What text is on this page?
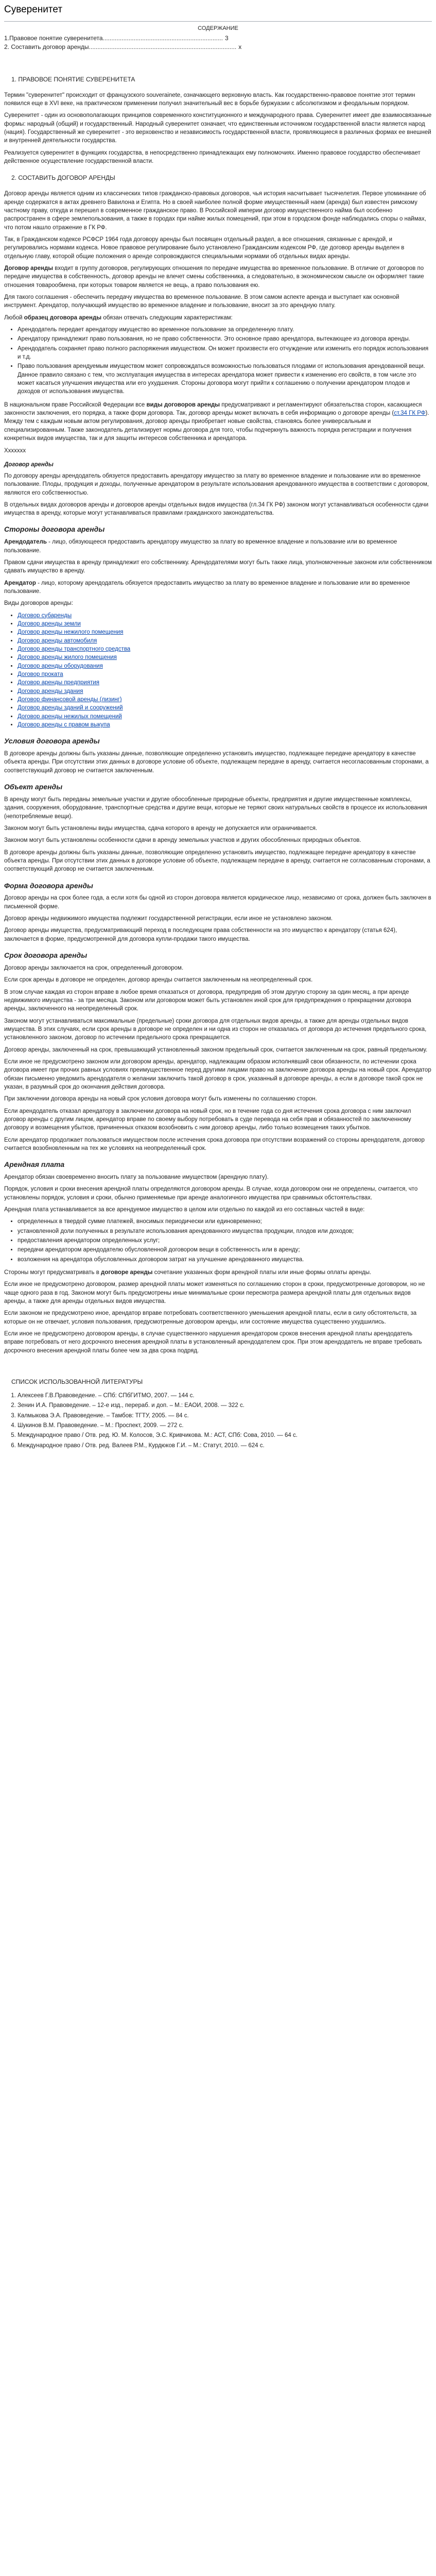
Суверенитет
СОДЕРЖАНИЕ
1.Правовое понятие суверенитета ...................................................................... 3
2. Составить договор аренды ...................................................................................... х
1. ПРАВОВОЕ ПОНЯТИЕ СУВЕРЕНИТЕТА

Термин "суверенитет" происходит от французского souverainete, означающего верховную власть. Как государственно-правовое понятие этот термин появился еще в XVI веке, на практическом применении получил значительный вес в борьбе буржуазии с абсолютизмом и феодальным порядком.

Суверенитет - один из основополагающих принципов современного конституционного и международного права. Суверенитет имеет две взаимосвязанные формы: народный (общий) и государственный. Народный суверенитет означает, что единственным источником государственной власти является народ (нация). Государственный же суверенитет - это верховенство и независимость государственной власти, проявляющиеся в различных формах ее внешней и внутренней деятельности государства.

Реализуется суверенитет в функциях государства, в непосредственно принадлежащих ему полномочиях. Именно правовое государство обеспечивает действенное осуществление государственной власти.

2. СОСТАВИТЬ ДОГОВОР АРЕНДЫ

Договор аренды является одним из классических типов гражданско-правовых договоров, чья история насчитывает тысячелетия. Первое упоминание об аренде содержатся в актах древнего Вавилона и Египта. Но в своей наиболее полной форме имущественный наем (аренда) был известен римскому частному праву, откуда и перешел в современное гражданское право. В Российской империи договор имущественного найма был особенно распространен в сфере землепользования, а также в городах при найме жилых помещений, при этом в городском фонде наблюдались споры о наймах, что потом нашло отражение в ГК РФ.

Так, в Гражданском кодексе РСФСР 1964 года договору аренды был посвящен отдельный раздел, а все отношения, связанные с арендой, и регулировались нормами кодекса. Новое правовое регулирование было установлено Гражданским кодексом РФ, где договор аренды выделен в отдельную главу, которой общие положения о аренде сопровождаются специальными нормами об отдельных видах аренды.

Договор аренды входит в группу договоров, регулирующих отношения по передаче имущества во временное пользование. В отличие от договоров по передаче имущества в собственность, договор аренды не влечет смены собственника, а следовательно, в экономическом смысле он оформляет такие отношения товарообмена, при которых товаром является не вещь, а право пользования ею.

Для такого соглашения - обеспечить передачу имущества во временное пользование. В этом самом аспекте аренда и выступает как основной инструмент. Арендатор, получающий имущество во временное владение и пользование, вносит за это арендную плату.

Любой образец договора аренды обязан отвечать следующим характеристикам:

• Арендодатель передает арендатору имущество во временное пользование за определенную плату.
• Арендатору принадлежит право пользования, но не право собственности. Это основное право арендатора, вытекающее из договора аренды.
• Арендодатель сохраняет право полного распоряжения имуществом. Он может произвести его отчуждение или изменить его порядок использования и т.д.
• Право пользования арендуемым имуществом может сопровождаться возможностью пользоваться плодами от использования арендованной вещи. Данное правило связано с тем, что эксплуатация имущества в интересах арендатора может привести к изменению его свойств, в том числе это может касаться улучшения имущества или его ухудшения. Стороны договора могут прийти к соглашению о получении арендатором плодов и доходов от использования имущества.

В национальном праве Российской Федерации все виды договоров аренды предусматривают и регламентируют обязательства сторон, касающиеся законности заключения, его порядка, а также форм договора. Так, договор аренды может включать в себя информацию о договоре аренды (ст.34 ГК РФ). Между тем с каждым новым актом регулирования, договор аренды приобретает новые свойства, становясь более универсальным и специализированным. Также законодатель детализирует нормы договора для того, чтобы подчеркнуть важность порядка регистрации и получения конкретных видов имущества, так и для защиты интересов собственника и арендатора.

Ххххххх
Договор аренды

По договору аренды арендодатель обязуется предоставить арендатору имущество за плату во временное владение и пользование или во временное пользование. Плоды, продукция и доходы, полученные арендатором в результате использования арендованного имущества в соответствии с договором, являются его собственностью.

В отдельных видах договоров аренды и договоров аренды отдельных видов имущества (гл.34 ГК РФ) законом могут устанавливаться особенности сдачи имущества в аренду, которые могут устанавливаться правилами гражданского законодательства.

Стороны договора аренды

Арендодатель - лицо, обязующееся предоставить арендатору имущество за плату во временное владение и пользование или во временное пользование.

Правом сдачи имущества в аренду принадлежит его собственнику. Арендодателями могут быть также лица, уполномоченные законом или собственником сдавать имущество в аренду.

Арендатор - лицо, которому арендодатель обязуется предоставить имущество за плату во временное владение и пользование или во временное пользование.

Виды договоров аренды:

• Договор субаренды
• Договор аренды земли
• Договор аренды нежилого помещения
• Договор аренды автомобиля
• Договор аренды транспортного средства
• Договор аренды жилого помещения
• Договор аренды оборудования
• Договор проката
• Договор аренды предприятия
• Договор аренды здания
• Договор финансовой аренды (лизинг)
• Договор аренды зданий и сооружений
• Договор аренды нежилых помещений
• Договор аренды с правом выкупа
Условия договора аренды

В договоре аренды должны быть указаны данные, позволяющие определенно установить имущество, подлежащее передаче арендатору в качестве объекта аренды. При отсутствии этих данных в договоре условие об объекте, подлежащем передаче в аренду, считается несогласованным сторонами, а соответствующий договор не считается заключенным.

Объект аренды

В аренду могут быть переданы земельные участки и другие обособленные природные объекты, предприятия и другие имущественные комплексы, здания, сооружения, оборудование, транспортные средства и другие вещи, которые не теряют своих натуральных свойств в процессе их использования (непотребляемые вещи).

Законом могут быть установлены виды имущества, сдача которого в аренду не допускается или ограничивается.

Законом могут быть установлены особенности сдачи в аренду земельных участков и других обособленных природных объектов.

В договоре аренды должны быть указаны данные, позволяющие определенно установить имущество, подлежащее передаче арендатору в качестве объекта аренды. При отсутствии этих данных в договоре условие об объекте, подлежащем передаче в аренду, считается не согласованным сторонами, а соответствующий договор не считается заключенным.

Форма договора аренды

Договор аренды на срок более года, а если хотя бы одной из сторон договора является юридическое лицо, независимо от срока, должен быть заключен в письменной форме.

Договор аренды недвижимого имущества подлежит государственной регистрации, если иное не установлено законом.

Договор аренды имущества, предусматривающий переход в последующем права собственности на это имущество к арендатору (статья 624), заключается в форме, предусмотренной для договора купли-продажи такого имущества.

Срок договора аренды

Договор аренды заключается на срок, определенный договором.

Если срок аренды в договоре не определен, договор аренды считается заключенным на неопределенный срок.

В этом случае каждая из сторон вправе в любое время отказаться от договора, предупредив об этом другую сторону за один месяц, а при аренде недвижимого имущества - за три месяца. Законом или договором может быть установлен иной срок для предупреждения о прекращении договора аренды, заключенного на неопределенный срок.

Законом могут устанавливаться максимальные (предельные) сроки договора для отдельных видов аренды, а также для аренды отдельных видов имущества. В этих случаях, если срок аренды в договоре не определен и ни одна из сторон не отказалась от договора до истечения предельного срока, установленного законом, договор по истечении предельного срока прекращается.

Договор аренды, заключенный на срок, превышающий установленный законом предельный срок, считается заключенным на срок, равный предельному.

Если иное не предусмотрено законом или договором аренды, арендатор, надлежащим образом исполнявший свои обязанности, по истечении срока договора имеет при прочих равных условиях преимущественное перед другими лицами право на заключение договора аренды на новый срок. Арендатор обязан письменно уведомить арендодателя о желании заключить такой договор в срок, указанный в договоре аренды, а если в договоре такой срок не указан, в разумный срок до окончания действия договора.

При заключении договора аренды на новый срок условия договора могут быть изменены по соглашению сторон.

Если арендодатель отказал арендатору в заключении договора на новый срок, но в течение года со дня истечения срока договора с ним заключил договор аренды с другим лицом, арендатор вправе по своему выбору потребовать в суде перевода на себя прав и обязанностей по заключенному договору и возмещения убытков, причиненных отказом возобновить с ним договор аренды, либо только возмещения таких убытков.

Если арендатор продолжает пользоваться имуществом после истечения срока договора при отсутствии возражений со стороны арендодателя, договор считается возобновленным на тех же условиях на неопределенный срок.

Арендная плата

Арендатор обязан своевременно вносить плату за пользование имуществом (арендную плату).

Порядок, условия и сроки внесения арендной платы определяются договором аренды. В случае, когда договором они не определены, считается, что установлены порядок, условия и сроки, обычно применяемые при аренде аналогичного имущества при сравнимых обстоятельствах.

Арендная плата устанавливается за все арендуемое имущество в целом или отдельно по каждой из его составных частей в виде:

• определенных в твердой сумме платежей, вносимых периодически или единовременно;
• установленной доли полученных в результате использования арендованного имущества продукции, плодов или доходов;
• предоставления арендатором определенных услуг;
• передачи арендатором арендодателю обусловленной договором вещи в собственность или в аренду;
• возложения на арендатора обусловленных договором затрат на улучшение арендованного имущества.

Стороны могут предусматривать в договоре аренды сочетание указанных форм арендной платы или иные формы оплаты аренды.

Если иное не предусмотрено договором, размер арендной платы может изменяться по соглашению сторон в сроки, предусмотренные договором, но не чаще одного раза в год. Законом могут быть предусмотрены иные минимальные сроки пересмотра размера арендной платы для отдельных видов аренды, а также для аренды отдельных видов имущества.

Если законом не предусмотрено иное, арендатор вправе потребовать соответственного уменьшения арендной платы, если в силу обстоятельств, за которые он не отвечает, условия пользования, предусмотренные договором аренды, или состояние имущества существенно ухудшились.

Если иное не предусмотрено договором аренды, в случае существенного нарушения арендатором сроков внесения арендной платы арендодатель вправе потребовать от него досрочного внесения арендной платы в установленный арендодателем срок. При этом арендодатель не вправе требовать досрочного внесения арендной платы более чем за два срока подряд.

СПИСОК ИСПОЛЬЗОВАННОЙ ЛИТЕРАТУРЫ
1. Алексеев Г.В.Правоведение. – СПб: СПбГИТМО, 2007. — 144 с.
2. Зенин И.А. Правоведение. – 12-е изд., перераб. и доп. – М.: ЕАОИ, 2008. — 322 с.
3. Калмыкова Э.А. Правоведение. – Тамбов: ТГТУ, 2005. — 84 с.
4. Шукинов В.М. Правоведение. – М.: Проспект, 2009. — 272 с.
5. Международное право / Отв. ред. Ю. М. Колосов, Э.С. Кривчикова. М.: АСТ, СПб: Сова, 2010. — 64 с.
6. Международное право / Отв. ред. Валеев Р.М., Курдюков Г.И. – М.: Статут, 2010. — 624 с.
